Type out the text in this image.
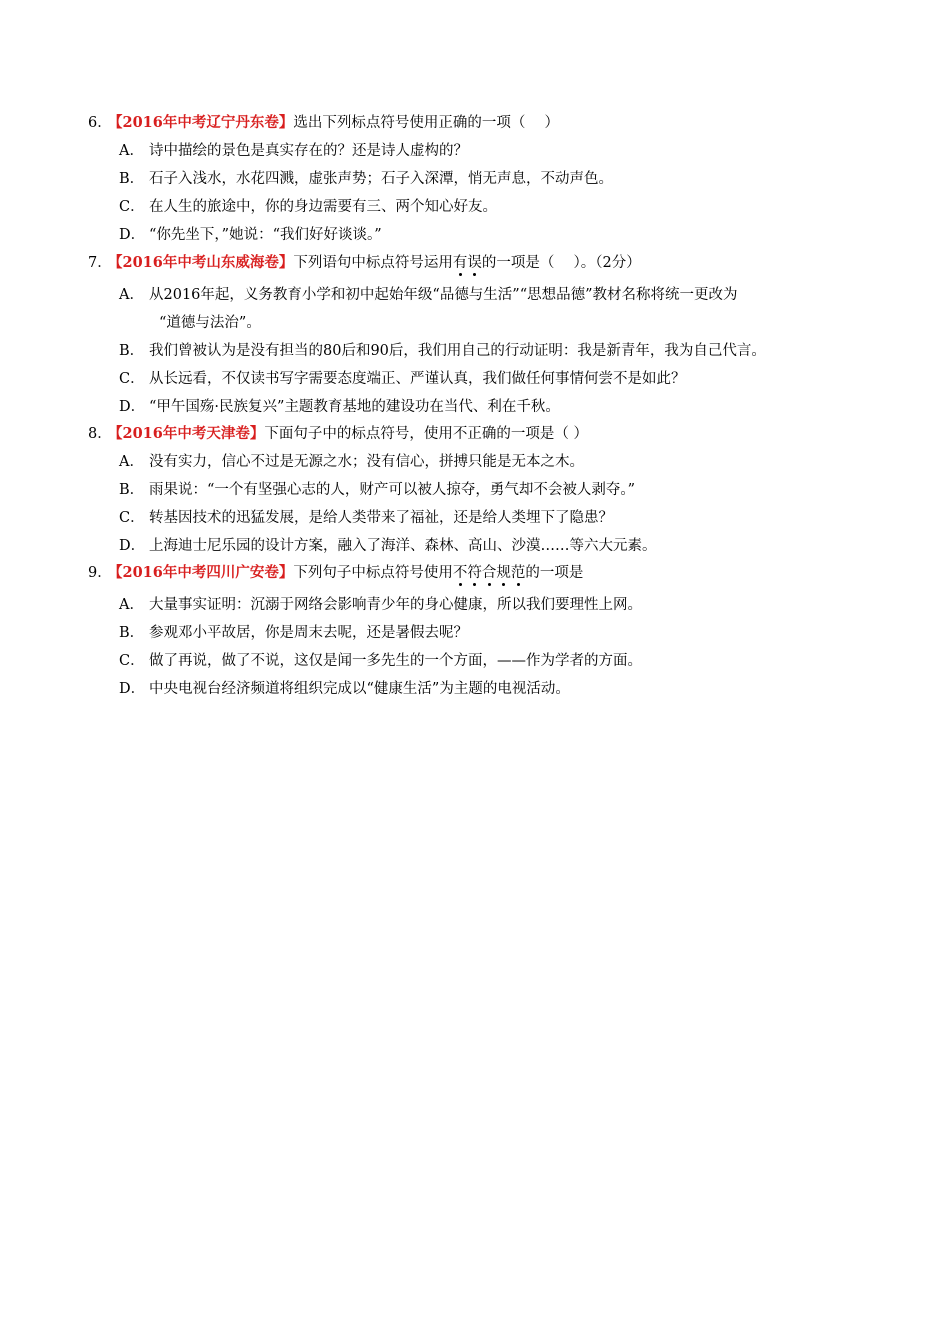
6．【2016年中考辽宁丹东卷】选出下列标点符号使用正确的一项（　 ）
A． 诗中描绘的景色是真实存在的？还是诗人虚构的？
B． 石子入浅水，水花四溅，虚张声势；石子入深潭，悄无声息，不动声色。
C． 在人生的旅途中，你的身边需要有三、两个知心好友。
D． “你先坐下，”她说：“我们好好谈谈。”
7．【2016年中考山东威海卷】下列语句中标点符号运用有误的一项是（　 ）。（2分）
A． 从2016年起，义务教育小学和初中起始年级“品德与生活”“思想品德”教材名称将统一更改为
“道德与法治”。
B． 我们曾被认为是没有担当的80后和90后，我们用自己的行动证明：我是新青年，我为自己代言。
C． 从长远看，不仅读书写字需要态度端正、严谨认真，我们做任何事情何尝不是如此？
D． “甲午国殇·民族复兴”主题教育基地的建设功在当代、利在千秋。
8．【2016年中考天津卷】下面句子中的标点符号，使用不正确的一项是（ ）
A． 没有实力，信心不过是无源之水；没有信心，拼搏只能是无本之木。
B． 雨果说：“一个有坚强心志的人，财产可以被人掠夺，勇气却不会被人剥夺。”
C． 转基因技术的迅猛发展，是给人类带来了福祉，还是给人类埋下了隐患？
D． 上海迪士尼乐园的设计方案，融入了海洋、森林、高山、沙漠……等六大元素。
9．【2016年中考四川广安卷】下列句子中标点符号使用不符合规范的一项是
A． 大量事实证明：沉溺于网络会影响青少年的身心健康，所以我们要理性上网。
B． 参观邓小平故居，你是周末去呢，还是暑假去呢？
C． 做了再说，做了不说，这仅是闻一多先生的一个方面，——作为学者的方面。
D． 中央电视台经济频道将组织完成以“健康生活”为主题的电视活动。
